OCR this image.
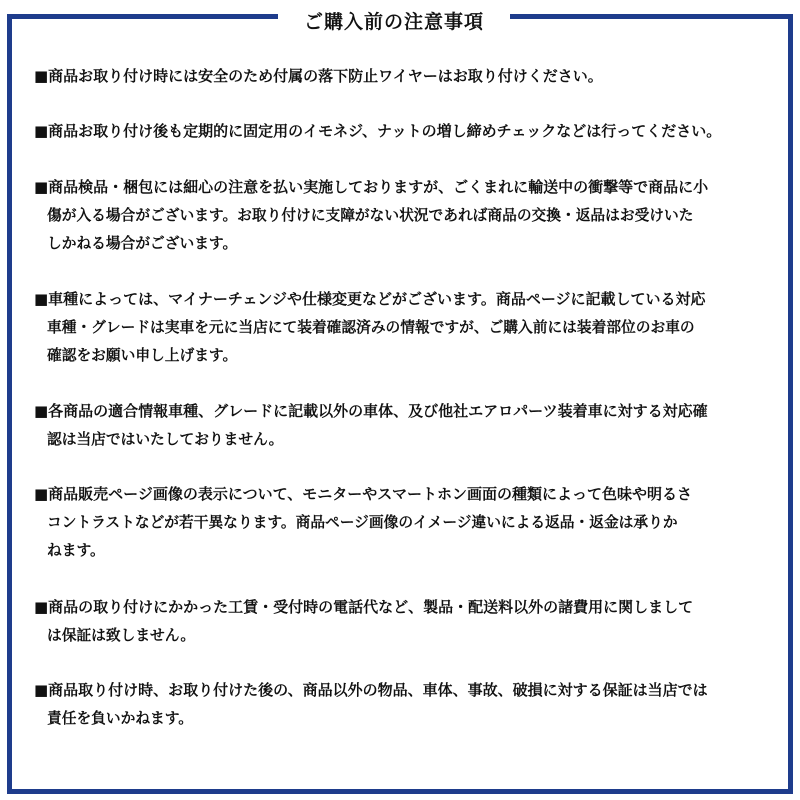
ご購入前の注意事項

■商品お取り付け時には安全のため付属の落下防止ワイヤーはお取り付けください。

■商品お取り付け後も定期的に固定用のイモネジ、ナットの増し締めチェックなどは行ってください。

■商品検品・梱包には細心の注意を払い実施しておりますが、ごくまれに輸送中の衝撃等で商品に小
傷が入る場合がございます。お取り付けに支障がない状況であれば商品の交換・返品はお受けいた
しかねる場合がございます。

■車種によっては、マイナーチェンジや仕様変更などがございます。商品ページに記載している対応
車種・グレードは実車を元に当店にて装着確認済みの情報ですが、ご購入前には装着部位のお車の
確認をお願い申し上げます。

■各商品の適合情報車種、グレードに記載以外の車体、及び他社エアロパーツ装着車に対する対応確
認は当店ではいたしておりません。

■商品販売ページ画像の表示について、モニターやスマートホン画面の種類によって色味や明るさ
コントラストなどが若干異なります。商品ページ画像のイメージ違いによる返品・返金は承りか
ねます。

■商品の取り付けにかかった工賃・受付時の電話代など、製品・配送料以外の諸費用に関しまして
は保証は致しません。

■商品取り付け時、お取り付けた後の、商品以外の物品、車体、事故、破損に対する保証は当店では
責任を負いかねます。
